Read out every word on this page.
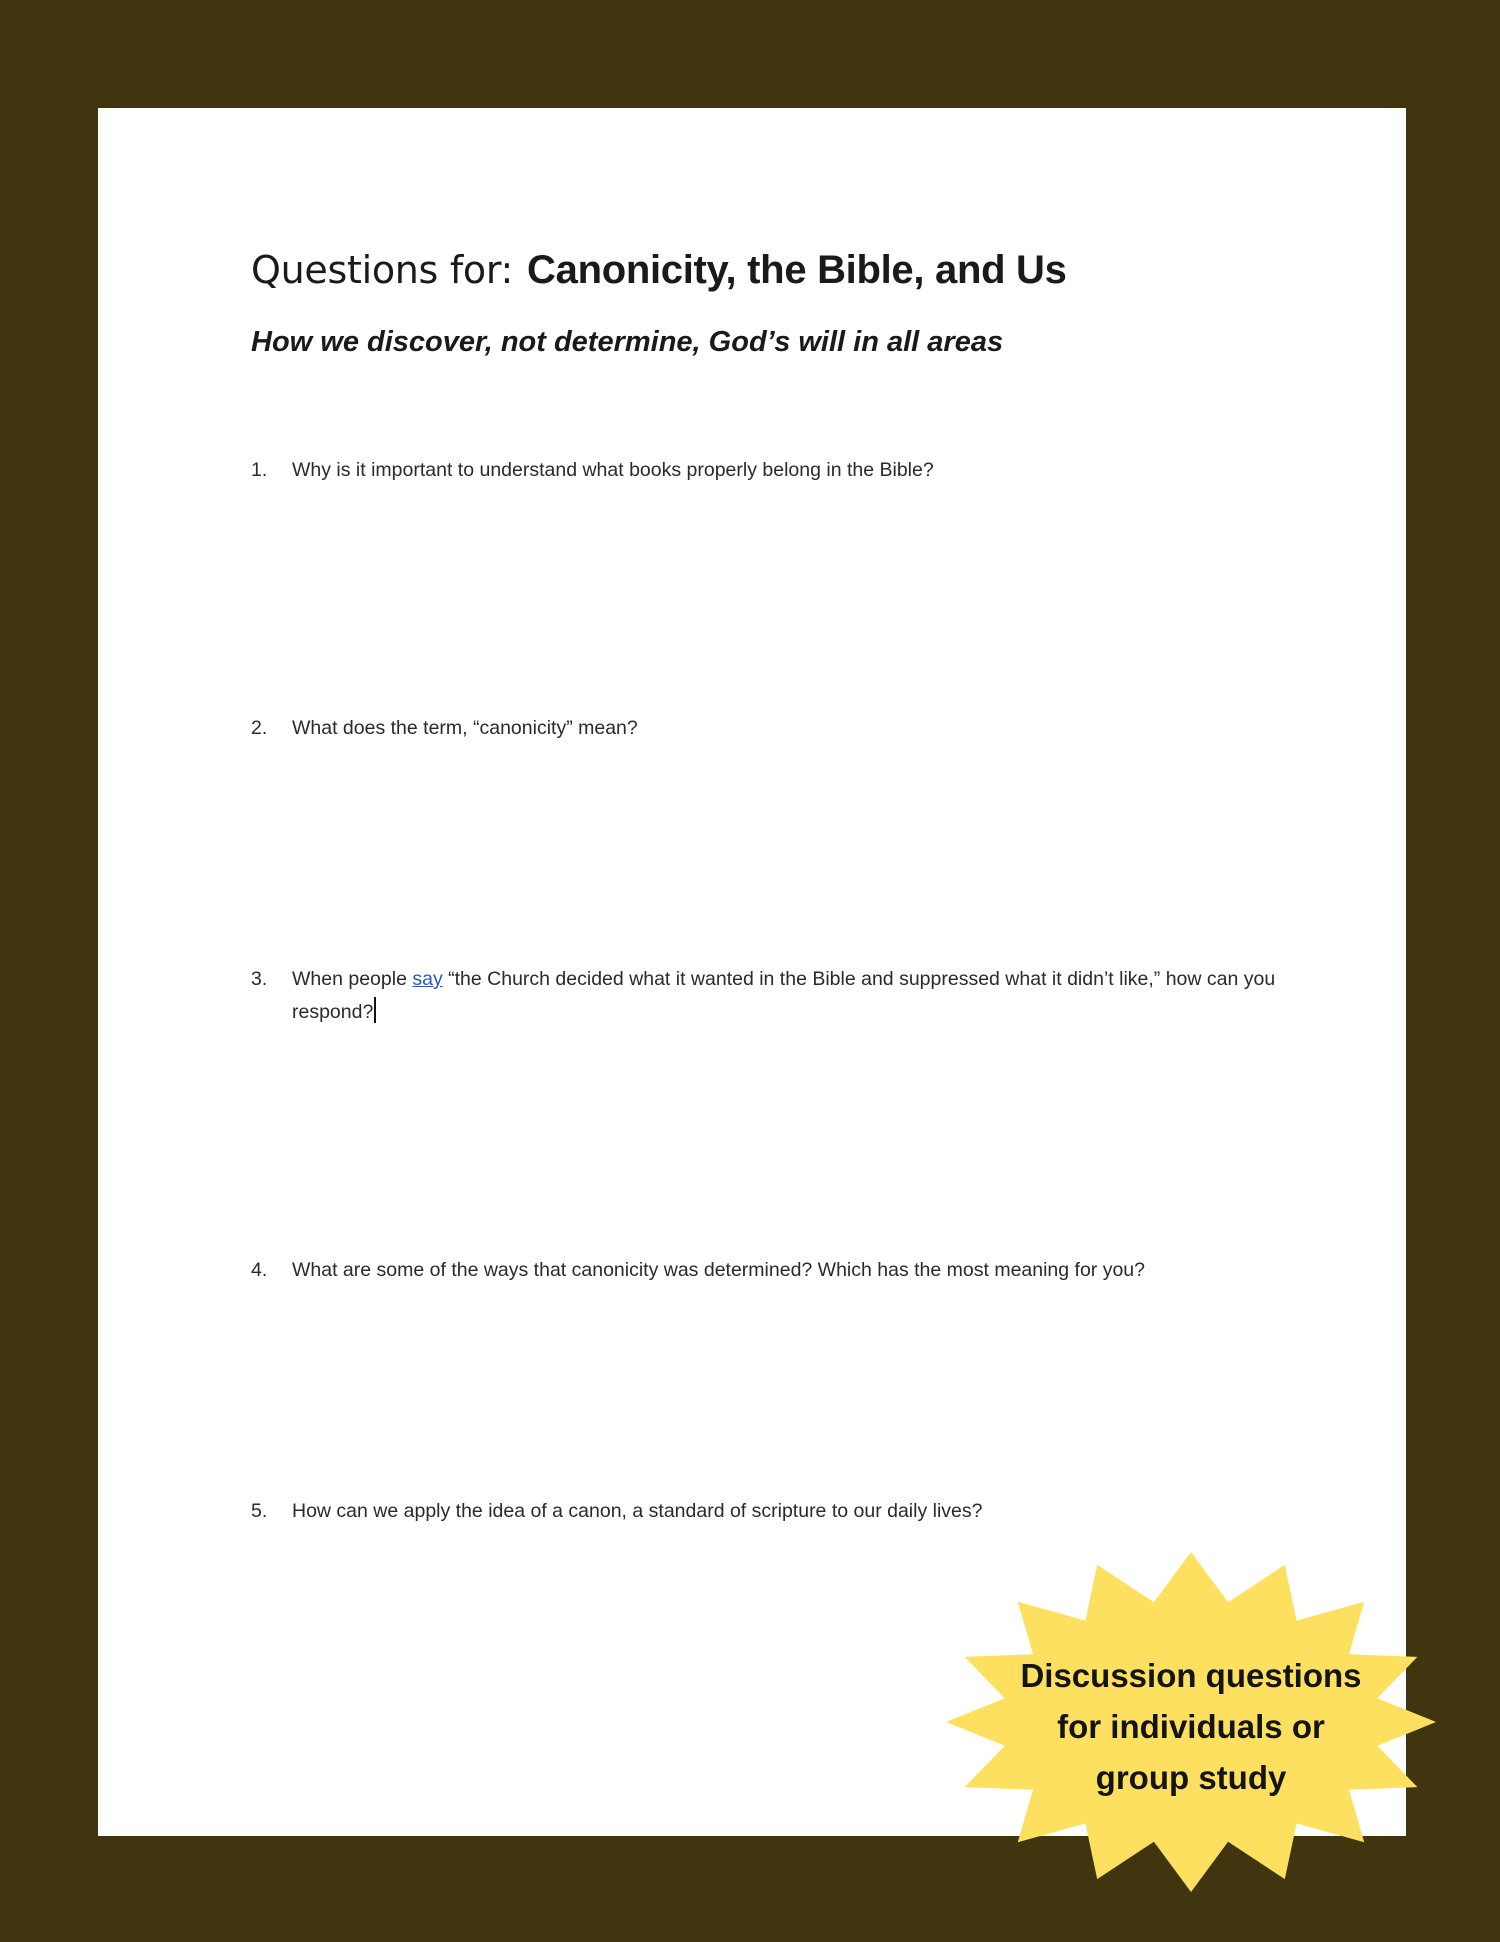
Questions for: Canonicity, the Bible, and Us
How we discover, not determine, God’s will in all areas
1. Why is it important to understand what books properly belong in the Bible?
2. What does the term, “canonicity” mean?
3. When people say “the Church decided what it wanted in the Bible and suppressed what it didn’t like,” how can you respond?
4. What are some of the ways that canonicity was determined? Which has the most meaning for you?
5. How can we apply the idea of a canon, a standard of scripture to our daily lives?
Discussion questions
for individuals or
group study
